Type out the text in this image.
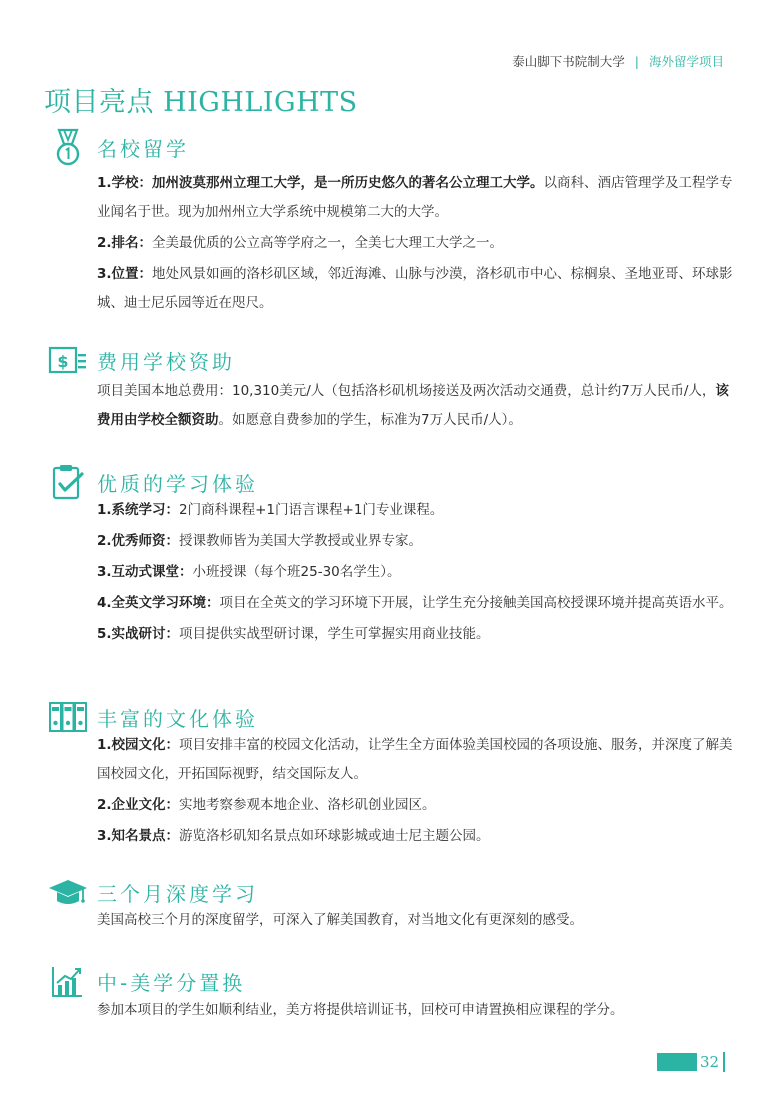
泰山脚下书院制大学 | 海外留学项目
项目亮点 HIGHLIGHTS
名校留学

1.学校：加州波莫那州立理工大学，是一所历史悠久的著名公立理工大学。以商科、酒店管理学及工程学专业闻名于世。现为加州州立大学系统中规模第二大的大学。

2.排名：全美最优质的公立高等学府之一，全美七大理工大学之一。

3.位置：地处风景如画的洛杉矶区域，邻近海滩、山脉与沙漠，洛杉矶市中心、棕榈泉、圣地亚哥、环球影城、迪士尼乐园等近在咫尺。

$ 费用学校资助

项目美国本地总费用：10,310美元/人（包括洛杉矶机场接送及两次活动交通费，总计约7万人民币/人，该费用由学校全额资助。如愿意自费参加的学生，标准为7万人民币/人）。

优质的学习体验

1.系统学习：2门商科课程+1门语言课程+1门专业课程。

2.优秀师资：授课教师皆为美国大学教授或业界专家。

3.互动式课堂：小班授课（每个班25-30名学生）。

4.全英文学习环境：项目在全英文的学习环境下开展，让学生充分接触美国高校授课环境并提高英语水平。

5.实战研讨：项目提供实战型研讨课，学生可掌握实用商业技能。

丰富的文化体验

1.校园文化：项目安排丰富的校园文化活动，让学生全方面体验美国校园的各项设施、服务，并深度了解美国校园文化，开拓国际视野，结交国际友人。

2.企业文化：实地考察参观本地企业、洛杉矶创业园区。

3.知名景点：游览洛杉矶知名景点如环球影城或迪士尼主题公园。

三个月深度学习

美国高校三个月的深度留学，可深入了解美国教育，对当地文化有更深刻的感受。

中-美学分置换

参加本项目的学生如顺利结业，美方将提供培训证书，回校可申请置换相应课程的学分。

32
